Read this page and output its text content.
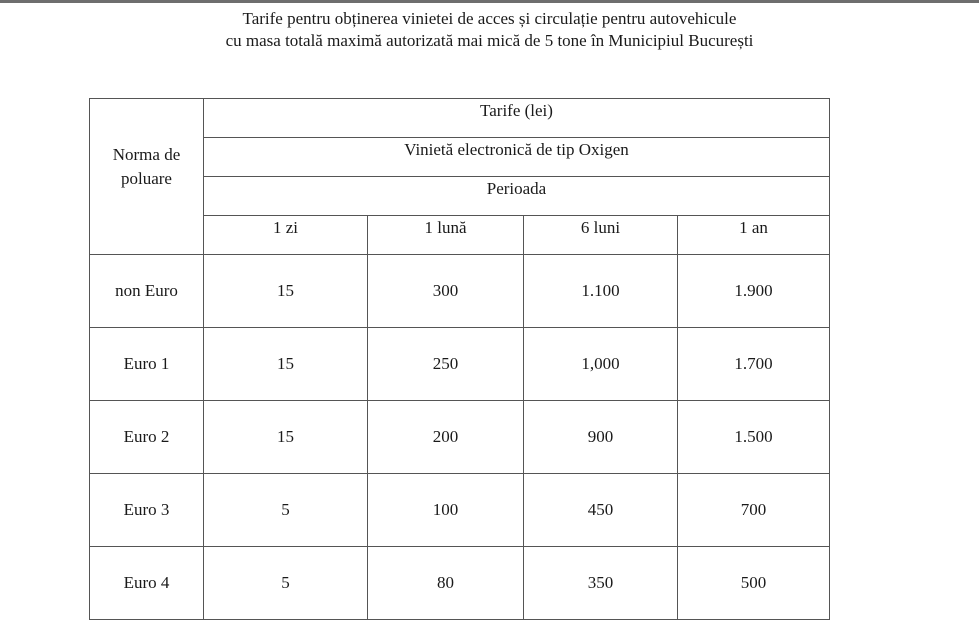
Tarife pentru obținerea vinietei de acces și circulație pentru autovehicule
cu masa totală maximă autorizată mai mică de 5 tone în Municipiul București
Norma de
poluare	Tarife (lei)			
	Vinietă electronică de tip Oxigen			
	Perioada			
	1 zi	1 lună	6 luni	1 an
non Euro	15	300	1.100	1.900
Euro 1	15	250	1,000	1.700
Euro 2	15	200	900	1.500
Euro 3	5	100	450	700
Euro 4	5	80	350	500
